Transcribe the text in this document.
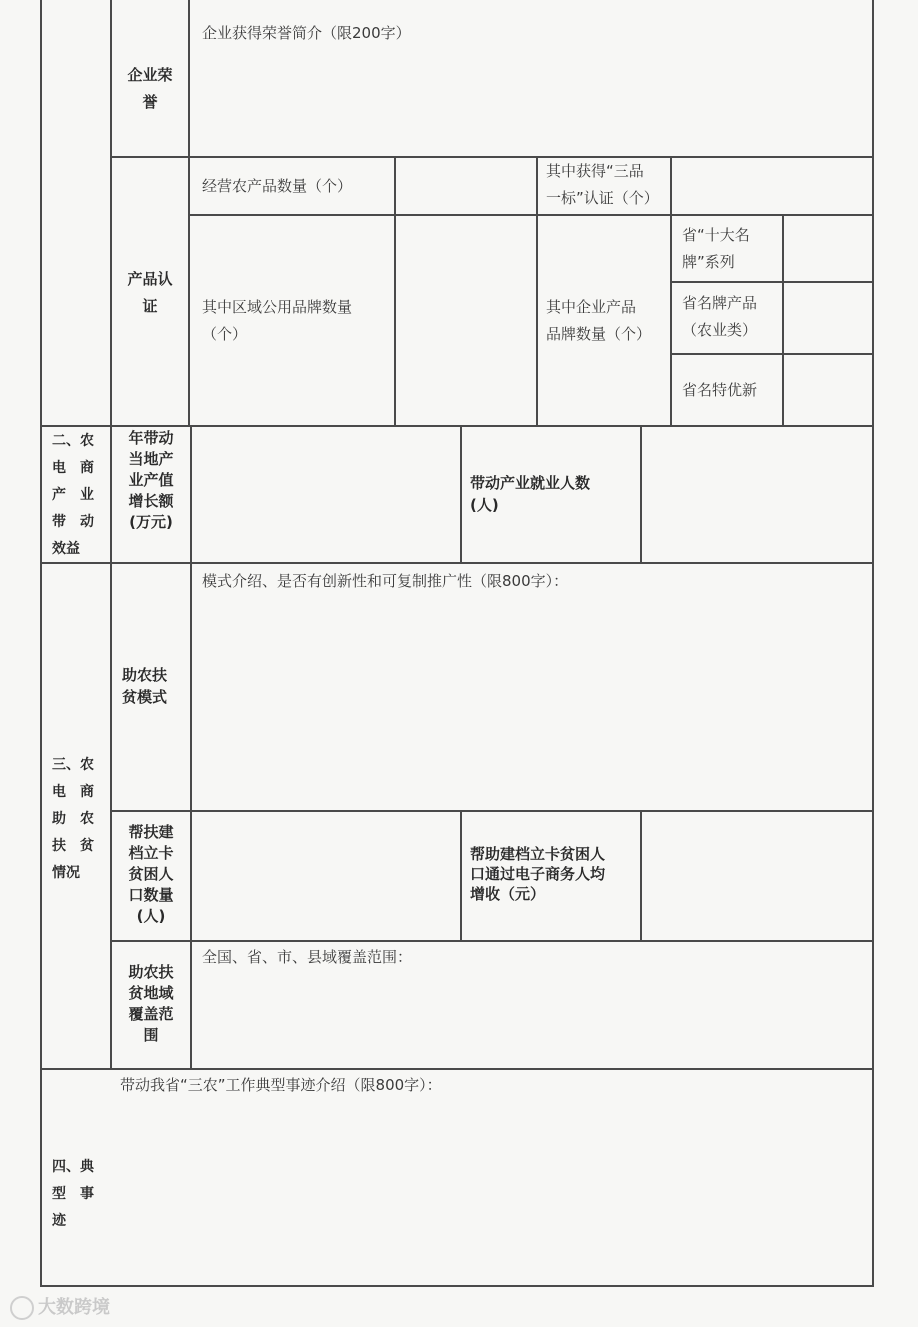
企业荣
誉
企业获得荣誉简介（限200字）
产品认
证
经营农产品数量（个）
其中获得“三品
一标”认证（个）
其中区域公用品牌数量
（个）
其中企业产品
品牌数量（个）
省“十大名
牌”系列
省名牌产品
（农业类）
省名特优新
二、农
电　商
产　业
带　动
效益
年带动
当地产
业产值
增长额
(万元)
带动产业就业人数
(人)
三、农
电　商
助　农
扶　贫
情况
助农扶
贫模式
模式介绍、是否有创新性和可复制推广性（限800字）：
帮扶建
档立卡
贫困人
口数量
(人)
帮助建档立卡贫困人
口通过电子商务人均
增收（元）
助农扶
贫地域
覆盖范
围
全国、省、市、县域覆盖范围：
四、典
型　事
迹
带动我省“三农”工作典型事迹介绍（限800字）：
大数跨境
